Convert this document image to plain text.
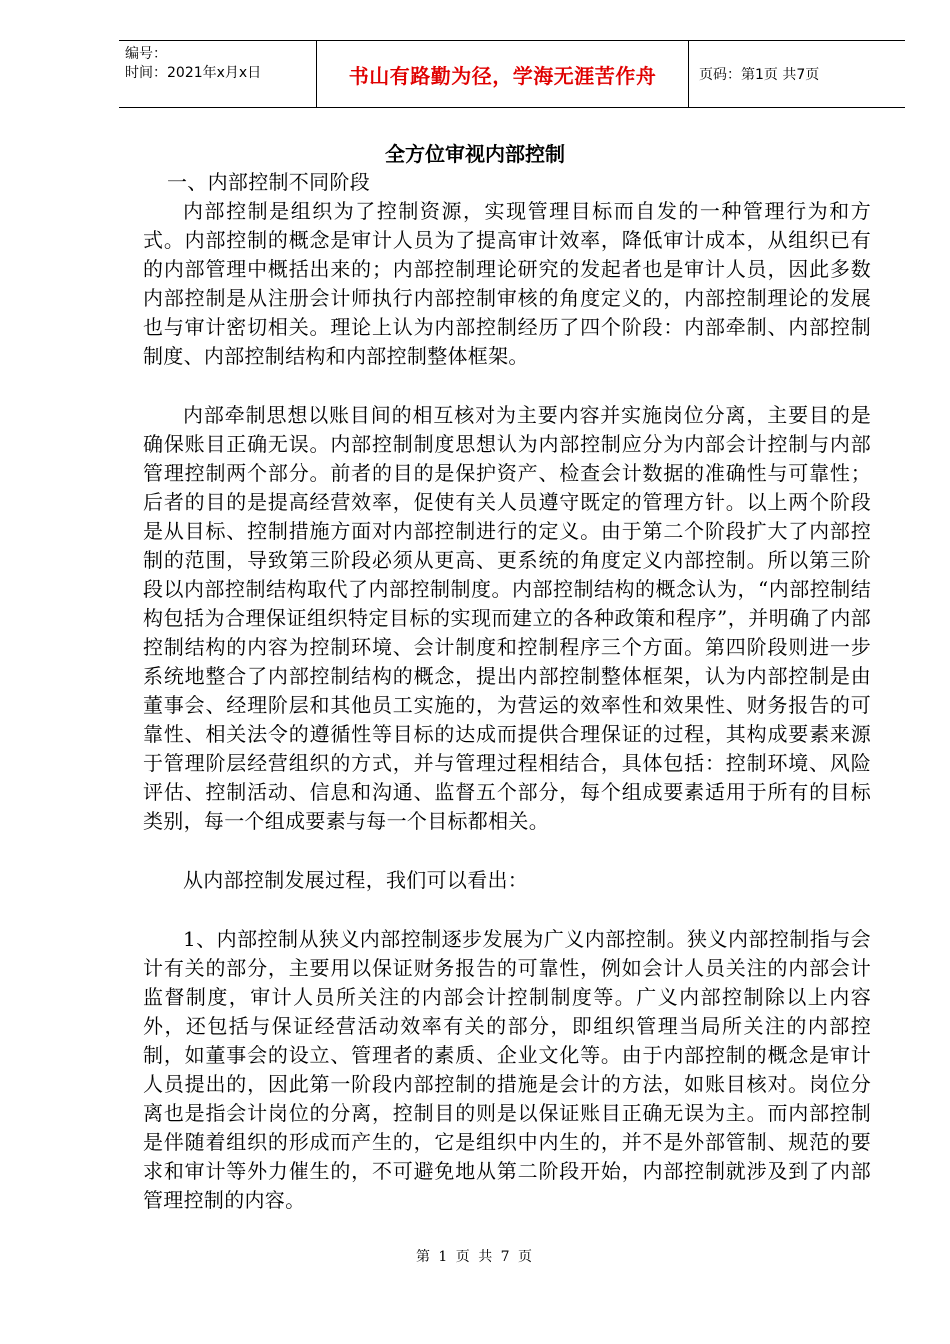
编号：
时间：2021年x月x日	书山有路勤为径，学海无涯苦作舟	页码：第1页 共7页
全方位审视内部控制

一、内部控制不同阶段

内部控制是组织为了控制资源，实现管理目标而自发的一种管理行为和方式。内部控制的概念是审计人员为了提高审计效率，降低审计成本，从组织已有的内部管理中概括出来的；内部控制理论研究的发起者也是审计人员，因此多数内部控制是从注册会计师执行内部控制审核的角度定义的，内部控制理论的发展也与审计密切相关。理论上认为内部控制经历了四个阶段：内部牵制、内部控制制度、内部控制结构和内部控制整体框架。

内部牵制思想以账目间的相互核对为主要内容并实施岗位分离，主要目的是确保账目正确无误。内部控制制度思想认为内部控制应分为内部会计控制与内部管理控制两个部分。前者的目的是保护资产、检查会计数据的准确性与可靠性；后者的目的是提高经营效率，促使有关人员遵守既定的管理方针。以上两个阶段是从目标、控制措施方面对内部控制进行的定义。由于第二个阶段扩大了内部控制的范围，导致第三阶段必须从更高、更系统的角度定义内部控制。所以第三阶段以内部控制结构取代了内部控制制度。内部控制结构的概念认为，“内部控制结构包括为合理保证组织特定目标的实现而建立的各种政策和程序”，并明确了内部控制结构的内容为控制环境、会计制度和控制程序三个方面。第四阶段则进一步系统地整合了内部控制结构的概念，提出内部控制整体框架，认为内部控制是由董事会、经理阶层和其他员工实施的，为营运的效率性和效果性、财务报告的可靠性、相关法令的遵循性等目标的达成而提供合理保证的过程，其构成要素来源于管理阶层经营组织的方式，并与管理过程相结合，具体包括：控制环境、风险评估、控制活动、信息和沟通、监督五个部分，每个组成要素适用于所有的目标类别，每一个组成要素与每一个目标都相关。

从内部控制发展过程，我们可以看出：

1、内部控制从狭义内部控制逐步发展为广义内部控制。狭义内部控制指与会计有关的部分，主要用以保证财务报告的可靠性，例如会计人员关注的内部会计监督制度，审计人员所关注的内部会计控制制度等。广义内部控制除以上内容外，还包括与保证经营活动效率有关的部分，即组织管理当局所关注的内部控制，如董事会的设立、管理者的素质、企业文化等。由于内部控制的概念是审计人员提出的，因此第一阶段内部控制的措施是会计的方法，如账目核对。岗位分离也是指会计岗位的分离，控制目的则是以保证账目正确无误为主。而内部控制是伴随着组织的形成而产生的，它是组织中内生的，并不是外部管制、规范的要求和审计等外力催生的，不可避免地从第二阶段开始，内部控制就涉及到了内部管理控制的内容。

第 1 页 共 7 页
